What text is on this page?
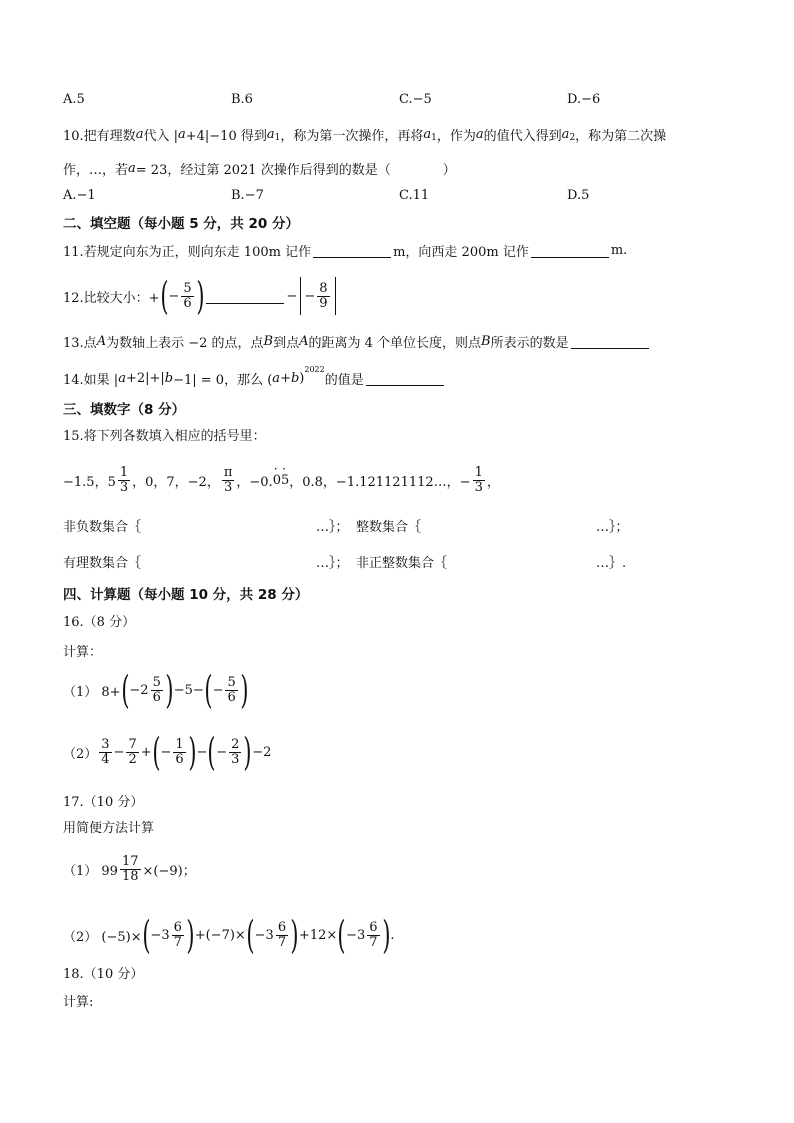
A.5	B.6	C.−5	D.−6
10.把有理数 a 代入 | a +4|−10 得到 a 1 ，称为第一次操作，再将 a 1 ，作为 a 的值代入得到 a 2 ，称为第二次操
作，…，若 a = 23，经过第 2021 次操作后得到的数是（　　　　）
A.−1	B.−7	C.11	D.5
二、填空题（每小题 5 分，共 20 分）
11.若规定向东为正，则向东走 100m 记作	m，向西走 200m 记作	m.
12.比较大小：+ ( − $\frac{5}{6}$ )	− − $\frac{8}{9}$
13.点 A 为数轴上表示 −2 的点，点 B 到点 A 的距离为 4 个单位长度，则点 B 所表示的数是
14.如果 | a +2|+| b −1| = 0，那么 ( a + b )
2022
的值是
三、填数字（8 分）
15.将下列各数填入相应的括号里：
−1.5，$5 \frac{1}{3}$ ，0，7，−2， $\frac{\pi}{3}$ ，−0. · 0 · 5 ，0.8，−1.121121112…，− $\frac{1}{3}$ ，
非负数集合｛	…｝； 整数集合｛	…｝；
有理数集合｛	…｝； 非正整数集合｛	…｝.
四、计算题（每小题 10 分，共 28 分）
16.（8 分）
计算：
（1） 8+ ( $-2 \frac{5}{6}$ ) −5− ( − $\frac{5}{6}$ )
$(2) \frac{3}{4} - \frac{7}{2}$ + ( − $\frac{1}{6}$ ) − ( − $\frac{2}{3}$ ) −2
17.（10 分）
用简便方法计算
（1） $99 \frac{17}{18} \times(-9)$；
（2） (−5)× ( $-3 \frac{6}{7}$ ) +(−7)× ( $-3 \frac{6}{7}$ ) +12× ( $-3 \frac{6}{7}$ ) .
18.（10 分）
计算:
